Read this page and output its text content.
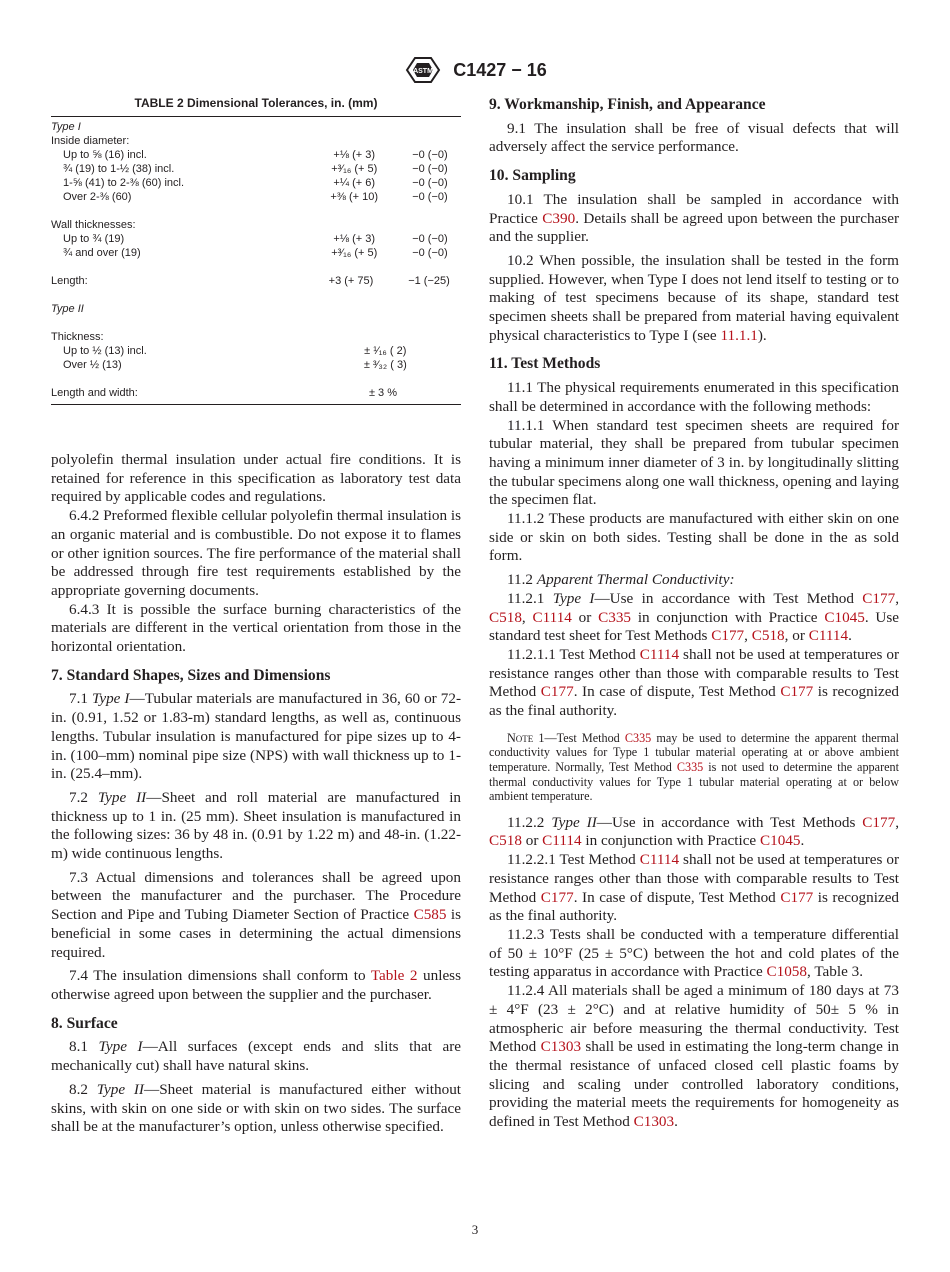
ASTM C1427 − 16
TABLE 2 Dimensional Tolerances, in. (mm)
Type I
Inside diameter:
Up to ⅝ (16) incl.	+⅛ (+ 3)	−0 (−0)
¾ (19) to 1-½ (38) incl.	+³⁄₁₆ (+ 5)	−0 (−0)
1-⅝ (41) to 2-⅜ (60) incl.	+¼ (+ 6)	−0 (−0)
Over 2-⅜ (60)	+⅜ (+ 10)	−0 (−0)
Wall thicknesses:
Up to ¾ (19)	+⅛ (+ 3)	−0 (−0)
¾ and over (19)	+³⁄₁₆ (+ 5)	−0 (−0)
Length:	+3 (+ 75)	−1 (−25)
Type II
Thickness:
Up to ½ (13) incl.	± ¹⁄₁₆ ( 2)
Over ½ (13)	± ³⁄₃₂ ( 3)
Length and width:	± 3 %

polyolefin thermal insulation under actual fire conditions. It is retained for reference in this specification as laboratory test data required by applicable codes and regulations.

6.4.2 Preformed flexible cellular polyolefin thermal insulation is an organic material and is combustible. Do not expose it to flames or other ignition sources. The fire performance of the material shall be addressed through fire test requirements established by the appropriate governing documents.

6.4.3 It is possible the surface burning characteristics of the materials are different in the vertical orientation from those in the horizontal orientation.

7. Standard Shapes, Sizes and Dimensions

7.1 Type I—Tubular materials are manufactured in 36, 60 or 72-in. (0.91, 1.52 or 1.83-m) standard lengths, as well as, continuous lengths. Tubular insulation is manufactured for pipe sizes up to 4-in. (100–mm) nominal pipe size (NPS) with wall thickness up to 1-in. (25.4–mm).

7.2 Type II—Sheet and roll material are manufactured in thickness up to 1 in. (25 mm). Sheet insulation is manufactured in the following sizes: 36 by 48 in. (0.91 by 1.22 m) and 48-in. (1.22-m) wide continuous lengths.

7.3 Actual dimensions and tolerances shall be agreed upon between the manufacturer and the purchaser. The Procedure Section and Pipe and Tubing Diameter Section of Practice C585 is beneficial in some cases in determining the actual dimensions required.

7.4 The insulation dimensions shall conform to Table 2 unless otherwise agreed upon between the supplier and the purchaser.

8. Surface

8.1 Type I—All surfaces (except ends and slits that are mechanically cut) shall have natural skins.

8.2 Type II—Sheet material is manufactured either without skins, with skin on one side or with skin on two sides. The surface shall be at the manufacturer’s option, unless otherwise specified.

9. Workmanship, Finish, and Appearance

9.1 The insulation shall be free of visual defects that will adversely affect the service performance.

10. Sampling

10.1 The insulation shall be sampled in accordance with Practice C390. Details shall be agreed upon between the purchaser and the supplier.

10.2 When possible, the insulation shall be tested in the form supplied. However, when Type I does not lend itself to testing or to making of test specimens because of its shape, standard test specimen sheets shall be prepared from material having equivalent physical characteristics to Type I (see 11.1.1).

11. Test Methods

11.1 The physical requirements enumerated in this specification shall be determined in accordance with the following methods:

11.1.1 When standard test specimen sheets are required for tubular material, they shall be prepared from tubular specimen having a minimum inner diameter of 3 in. by longitudinally slitting the tubular specimens along one wall thickness, opening and laying the specimen flat.

11.1.2 These products are manufactured with either skin on one side or skin on both sides. Testing shall be done in the as sold form.

11.2 Apparent Thermal Conductivity:

11.2.1 Type I—Use in accordance with Test Method C177, C518, C1114 or C335 in conjunction with Practice C1045. Use standard test sheet for Test Methods C177, C518, or C1114.

11.2.1.1 Test Method C1114 shall not be used at temperatures or resistance ranges other than those with comparable results to Test Method C177. In case of dispute, Test Method C177 is recognized as the final authority.

Note 1—Test Method C335 may be used to determine the apparent thermal conductivity values for Type 1 tubular material operating at or above ambient temperature. Normally, Test Method C335 is not used to determine the apparent thermal conductivity values for Type 1 tubular material operating at or below ambient temperature.

11.2.2 Type II—Use in accordance with Test Methods C177, C518 or C1114 in conjunction with Practice C1045.

11.2.2.1 Test Method C1114 shall not be used at temperatures or resistance ranges other than those with comparable results to Test Method C177. In case of dispute, Test Method C177 is recognized as the final authority.

11.2.3 Tests shall be conducted with a temperature differential of 50 ± 10°F (25 ± 5°C) between the hot and cold plates of the testing apparatus in accordance with Practice C1058, Table 3.

11.2.4 All materials shall be aged a minimum of 180 days at 73 ± 4°F (23 ± 2°C) and at relative humidity of 50± 5 % in atmospheric air before measuring the thermal conductivity. Test Method C1303 shall be used in estimating the long-term change in the thermal resistance of unfaced closed cell plastic foams by slicing and scaling under controlled laboratory conditions, providing the material meets the requirements for homogeneity as defined in Test Method C1303.

3
